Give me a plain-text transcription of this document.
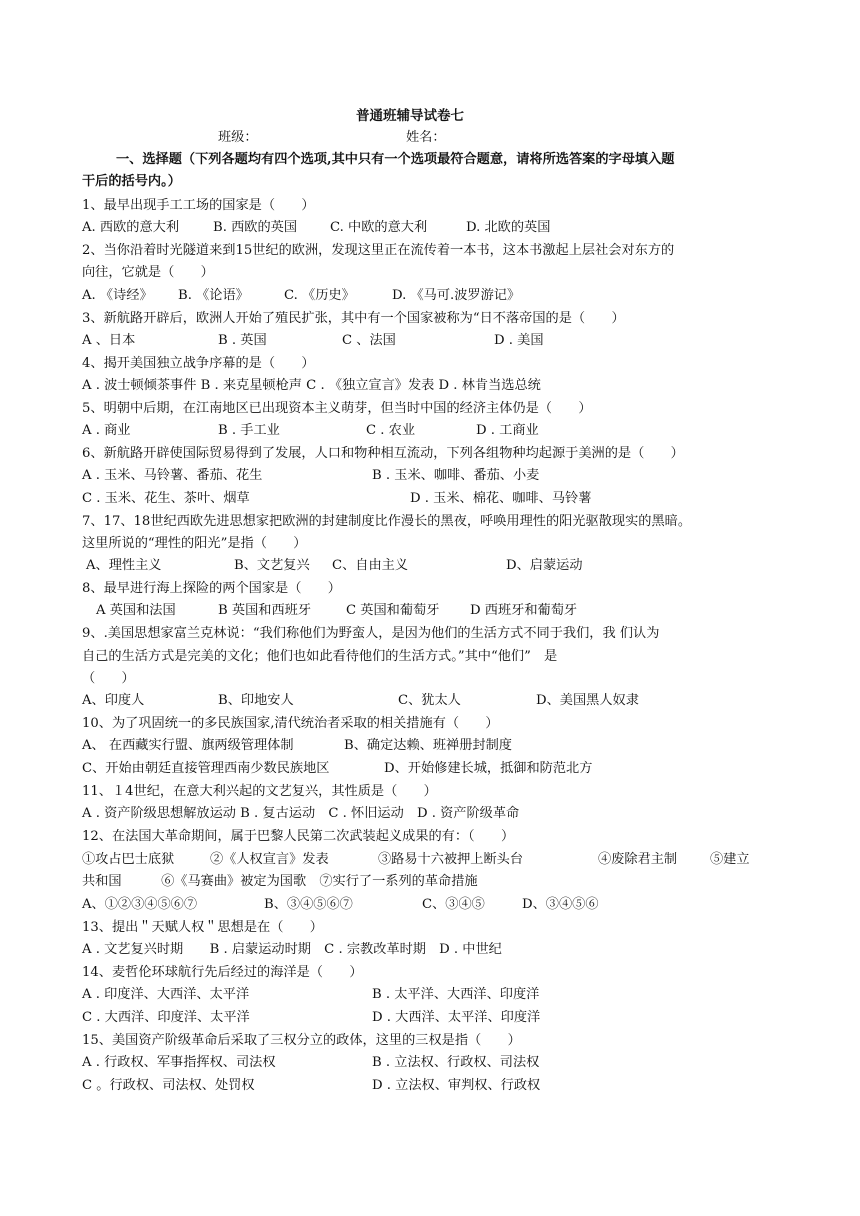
普通班辅导试卷七
班级：	姓名：
一、选择题（下列各题均有四个选项,其中只有一个选项最符合题意，请将所选答案的字母填入题
干后的括号内。）
1、最早出现手工工场的国家是（　　）
A. 西欧的意大利	B. 西欧的英国 C. 中欧的意大利	D. 北欧的英国
2、当你沿着时光隧道来到15世纪的欧洲，发现这里正在流传着一本书，这本书激起上层社会对东方的
向往，它就是（　　）
A. 《诗经》 B. 《论语》	C. 《历史》	D. 《马可.波罗游记》
3、新航路开辟后，欧洲人开始了殖民扩张，其中有一个国家被称为“日不落帝国的是（　　）
A 、日本	B . 英国	C 、法国	D . 美国
4、揭开美国独立战争序幕的是（　　）
A . 波士顿倾茶事件 B . 来克星顿枪声 C . 《独立宣言》发表 D . 林肯当选总统
5、明朝中后期，在江南地区已出现资本主义萌芽，但当时中国的经济主体仍是（　　）
A . 商业	B . 手工业	C . 农业	D . 工商业
6、新航路开辟使国际贸易得到了发展，人口和物种相互流动，下列各组物种均起源于美洲的是（　　）
A . 玉米、马铃薯、番茄、花生	B . 玉米、咖啡、番茄、小麦
C . 玉米、花生、茶叶、烟草	D . 玉米、棉花、咖啡、马铃薯
7、17、18世纪西欧先进思想家把欧洲的封建制度比作漫长的黑夜，呼唤用理性的阳光驱散现实的黑暗。
这里所说的“理性的阳光”是指（　　）
A、理性主义	B、文艺复兴 C、自由主义	D、启蒙运动
8、最早进行海上探险的两个国家是（　　）
A 英国和法国	B 英国和西班牙	C 英国和葡萄牙 D 西班牙和葡萄牙
9、.美国思想家富兰克林说：“我们称他们为野蛮人，是因为他们的生活方式不同于我们，我 们认为
自己的生活方式是完美的文化；他们也如此看待他们的生活方式。”其中“他们”　是
（　　）
A、印度人	B、印地安人	C、犹太人	D、美国黑人奴隶
10、为了巩固统一的多民族国家,清代统治者采取的相关措施有（　　）
A、 在西藏实行盟、旗两级管理体制	B、确定达赖、班禅册封制度
C、开始由朝廷直接管理西南少数民族地区	D、开始修建长城，抵御和防范北方
11、１4世纪，在意大利兴起的文艺复兴，其性质是（　　）
A . 资产阶级思想解放运动 B . 复古运动　C . 怀旧运动　D . 资产阶级革命
12、在法国大革命期间，属于巴黎人民第二次武装起义成果的有：（　　）
①攻占巴士底狱	②《人权宣言》发表	③路易十六被押上断头台	④废除君主制 ⑤建立
共和国　　　⑥《马赛曲》被定为国歌　⑦实行了一系列的革命措施
A、①②③④⑤⑥⑦	B、③④⑤⑥⑦	C、③④⑤	D、③④⑤⑥
13、提出＂天赋人权＂思想是在（　　）
A . 文艺复兴时期　　B . 启蒙运动时期　C . 宗教改革时期　D . 中世纪
14、麦哲伦环球航行先后经过的海洋是（　　）
A . 印度洋、大西洋、太平洋	B . 太平洋、大西洋、印度洋
C . 大西洋、印度洋、太平洋	D . 大西洋、太平洋、印度洋
15、美国资产阶级革命后采取了三权分立的政体，这里的三权是指（　　）
A . 行政权、军事指挥权、司法权	B . 立法权、行政权、司法权
C 。行政权、司法权、处罚权	D . 立法权、审判权、行政权
